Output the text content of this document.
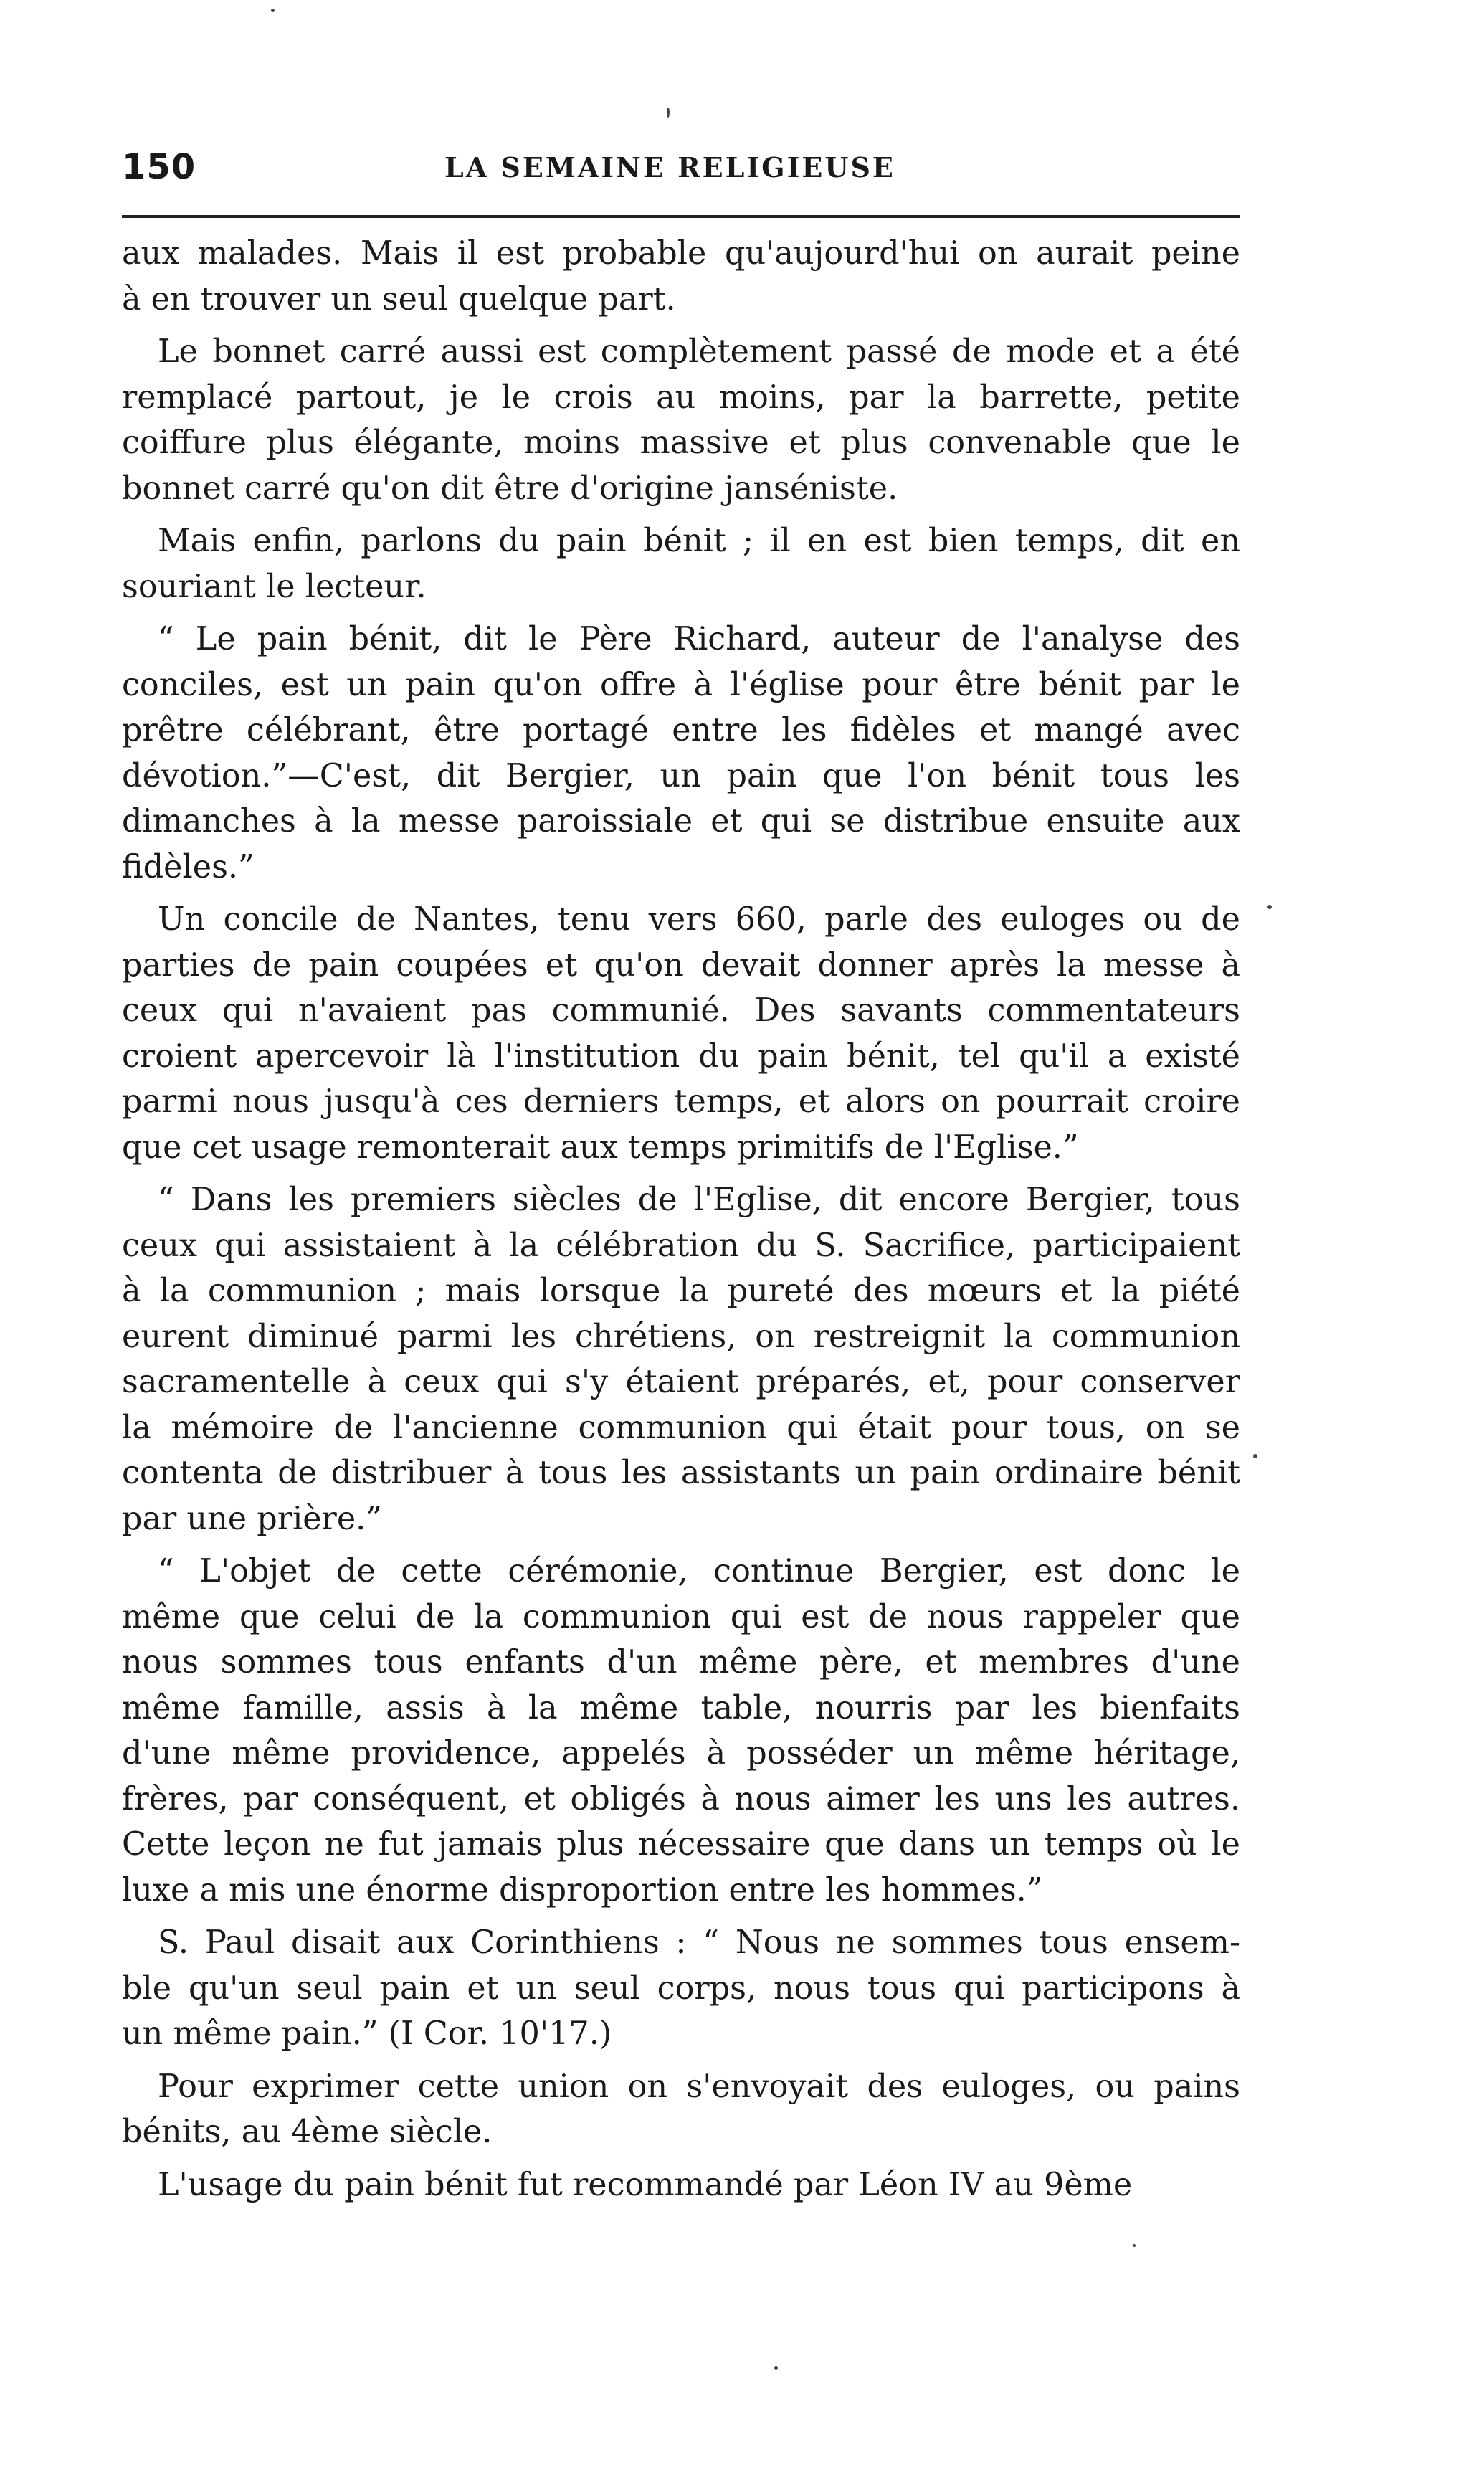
150	LA SEMAINE RELIGIEUSE
aux malades. Mais il est probable qu'aujourd'hui on aurait peine
à en trouver un seul quelque part.
Le bonnet carré aussi est complètement passé de mode et a été
remplacé partout, je le crois au moins, par la barrette, petite
coiffure plus élégante, moins massive et plus convenable que le
bonnet carré qu'on dit être d'origine janséniste.
Mais enfin, parlons du pain bénit ; il en est bien temps, dit en
souriant le lecteur.
“ Le pain bénit, dit le Père Richard, auteur de l'analyse des
conciles, est un pain qu'on offre à l'église pour être bénit par le
prêtre célébrant, être portagé entre les fidèles et mangé avec
dévotion.”—C'est, dit Bergier, un pain que l'on bénit tous les
dimanches à la messe paroissiale et qui se distribue ensuite aux
fidèles.”
Un concile de Nantes, tenu vers 660, parle des euloges ou de
parties de pain coupées et qu'on devait donner après la messe à
ceux qui n'avaient pas communié. Des savants commentateurs
croient apercevoir là l'institution du pain bénit, tel qu'il a existé
parmi nous jusqu'à ces derniers temps, et alors on pourrait croire
que cet usage remonterait aux temps primitifs de l'Eglise.”
“ Dans les premiers siècles de l'Eglise, dit encore Bergier, tous
ceux qui assistaient à la célébration du S. Sacrifice, participaient
à la communion ; mais lorsque la pureté des mœurs et la piété
eurent diminué parmi les chrétiens, on restreignit la communion
sacramentelle à ceux qui s'y étaient préparés, et, pour conserver
la mémoire de l'ancienne communion qui était pour tous, on se
contenta de distribuer à tous les assistants un pain ordinaire bénit
par une prière.”
“ L'objet de cette cérémonie, continue Bergier, est donc le
même que celui de la communion qui est de nous rappeler que
nous sommes tous enfants d'un même père, et membres d'une
même famille, assis à la même table, nourris par les bienfaits
d'une même providence, appelés à posséder un même héritage,
frères, par conséquent, et obligés à nous aimer les uns les autres.
Cette leçon ne fut jamais plus nécessaire que dans un temps où le
luxe a mis une énorme disproportion entre les hommes.”
S. Paul disait aux Corinthiens : “ Nous ne sommes tous ensem-
ble qu'un seul pain et un seul corps, nous tous qui participons à
un même pain.” (I Cor. 10'17.)
Pour exprimer cette union on s'envoyait des euloges, ou pains
bénits, au 4ème siècle.
L'usage du pain bénit fut recommandé par Léon IV au 9ème
